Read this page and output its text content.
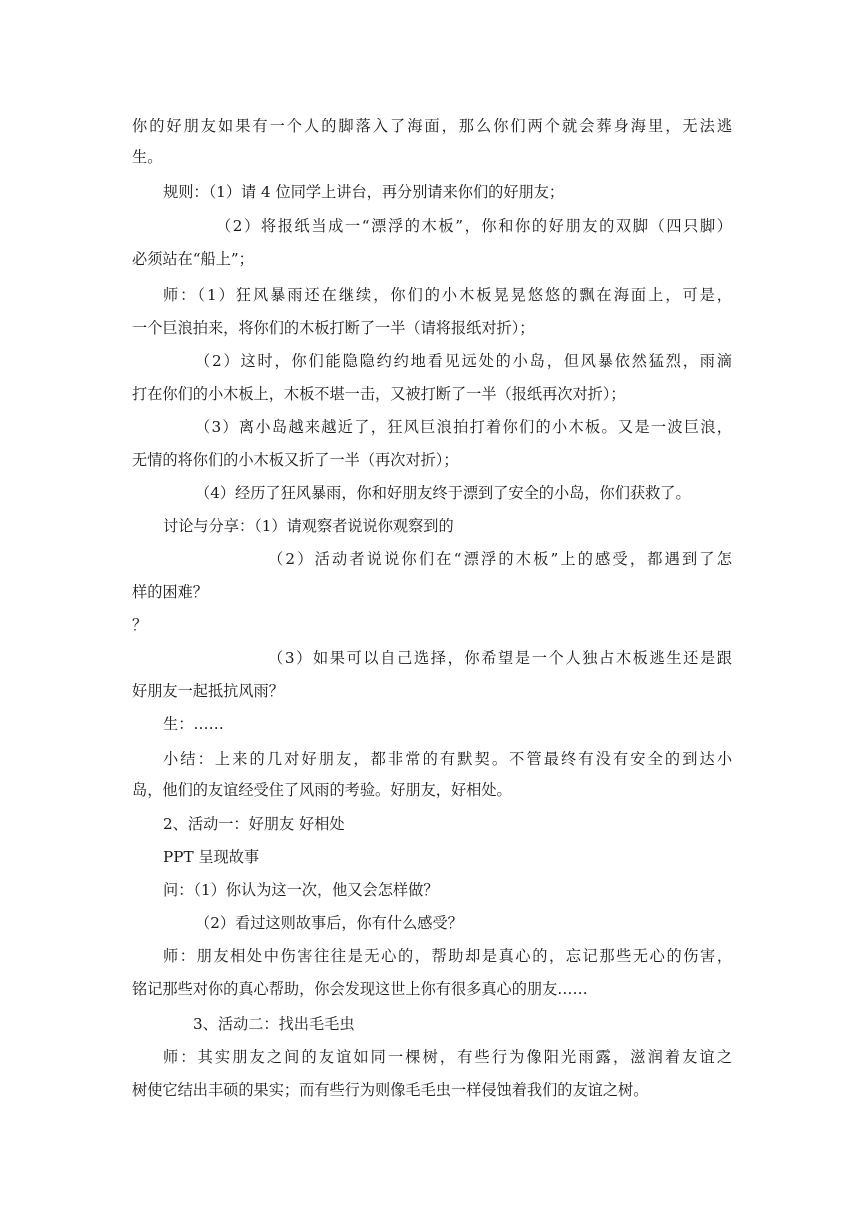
你的好朋友如果有一个人的脚落入了海面，那么你们两个就会葬身海里，无法逃
生。
规则：（1）请 4 位同学上讲台，再分别请来你们的好朋友；
（2）将报纸当成一“漂浮的木板”，你和你的好朋友的双脚（四只脚）
必须站在“船上”；
师：（1）狂风暴雨还在继续，你们的小木板晃晃悠悠的飘在海面上，可是，
一个巨浪拍来，将你们的木板打断了一半（请将报纸对折）；
（2）这时，你们能隐隐约约地看见远处的小岛，但风暴依然猛烈，雨滴
打在你们的小木板上，木板不堪一击，又被打断了一半（报纸再次对折）；
（3）离小岛越来越近了，狂风巨浪拍打着你们的小木板。又是一波巨浪，
无情的将你们的小木板又折了一半（再次对折）；
（4）经历了狂风暴雨，你和好朋友终于漂到了安全的小岛，你们获救了。
讨论与分享：（1）请观察者说说你观察到的
（2）活动者说说你们在“漂浮的木板”上的感受，都遇到了怎
样的困难？
？
（3）如果可以自己选择，你希望是一个人独占木板逃生还是跟
好朋友一起抵抗风雨？
生：……
小结：上来的几对好朋友，都非常的有默契。不管最终有没有安全的到达小
岛，他们的友谊经受住了风雨的考验。好朋友，好相处。
2、活动一：好朋友 好相处
PPT 呈现故事
问：（1）你认为这一次，他又会怎样做？
（2）看过这则故事后，你有什么感受？
师：朋友相处中伤害往往是无心的，帮助却是真心的，忘记那些无心的伤害，
铭记那些对你的真心帮助，你会发现这世上你有很多真心的朋友……
3、活动二：找出毛毛虫
师：其实朋友之间的友谊如同一棵树，有些行为像阳光雨露，滋润着友谊之
树使它结出丰硕的果实；而有些行为则像毛毛虫一样侵蚀着我们的友谊之树。
